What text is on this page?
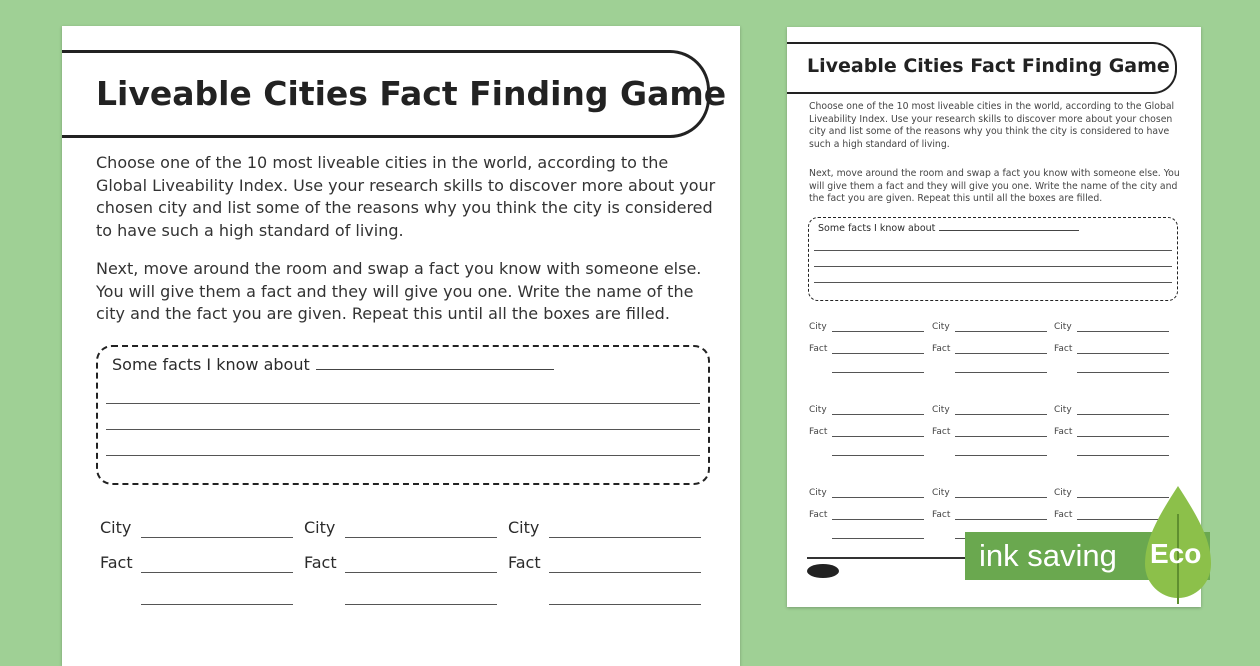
Liveable Cities Fact Finding Game

Choose one of the 10 most liveable cities in the world, according to the Global Liveability Index. Use your research skills to discover more about your chosen city and list some of the reasons why you think the city is considered to have such a high standard of living.

Next, move around the room and swap a fact you know with someone else. You will give them a fact and they will give you one. Write the name of the city and the fact you are given. Repeat this until all the boxes are filled.

Some facts I know about
City
Fact
City
Fact
City
Fact
Liveable Cities Fact Finding Game

Choose one of the 10 most liveable cities in the world, according to the Global Liveability Index. Use your research skills to discover more about your chosen city and list some of the reasons why you think the city is considered to have such a high standard of living.

Next, move around the room and swap a fact you know with someone else. You will give them a fact and they will give you one. Write the name of the city and the fact you are given. Repeat this until all the boxes are filled.

Some facts I know about
City
Fact
City
Fact
City
Fact
City
Fact
City
Fact
City
Fact
City
Fact
City
Fact
City
Fact
ink saving Eco
